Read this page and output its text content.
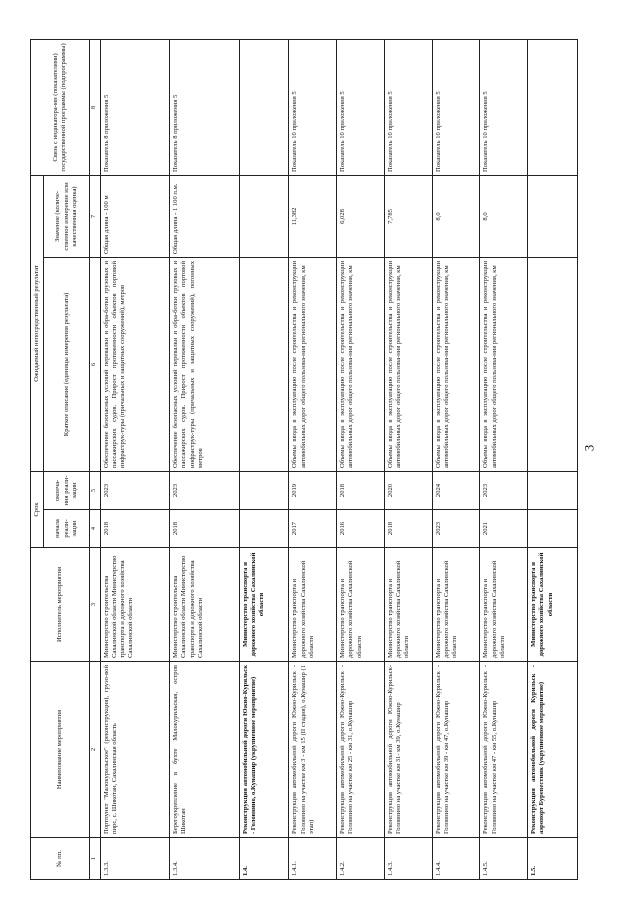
3
№ пп.	Наименование мероприятия	Исполнитель мероприятия	Срок		Ожидаемый непосредственный результат		Связь с индикатора-ми (показателями) государственной программы (подпрограммы)
			начала реали-зации	оконча-ния реали-зации	Краткое описание (единицы измерения результата)	Значение (количе-ственное измерение или качественная оценка)	
1	2	3	4	5	6	7	8
1.3.3.	Портпункт "Малокурильское" (реконструкция), грузо-вой пирс, с. Шикотан, Сахалинская область	Министерство строительства Сахалинской области Министерство транспорта и дорожного хозяйства Сахалинской области	2018	2023	Обеспечение безопасных условий перевалки и обра-ботки грузовых и пассажирских судов. Прирост протяженности объектов портовой инфраструк-туры (причальных и защитных сооружений), метров	Общая длина - 100 м	Показатель 8 приложения 5
1.3.4.	Берегоукрепление в бухте Малокурильская, остров Шикотан	Министерство строительства Сахалинской области Министерство транспорта и дорожного хозяйства Сахалинской области	2018	2023	Обеспечение безопасных условий перевалки и обра-ботки грузовых и пассажирских судов. Прирост протяженности объектов портовой инфраструк-туры (причальных и защитных сооружений), погонных метров	Общая длина - 1 100 п.м.	Показатель 8 приложения 5
1.4.	Реконструкция автомобильной дороги Южно-Курильск - Головнино, о.Кунашир (укрупненное мероприятие)	Министерство транспорта и дорожного хозяйства Сахалинской области					
1.4.1.	Реконструкция автомобильной дороги Южно-Курильск - Головнино на участке км 3 - км 15 (II стадия), о.Кунашир (1 этап)	Министерство транспорта и дорожного хозяйства Сахалинской области	2017	2019	Объемы ввода в эксплуатацию после строительства и реконструкции автомобильных дорог общего пользова-ния регионального значения, км	11,382	Показатель 10 приложения 5
1.4.2.	Реконструкция автомобильной дороги Южно-Курильск - Головнино на участке км 25 - км 31, о.Кунашир	Министерство транспорта и дорожного хозяйства Сахалинской области	2016	2018	Объемы ввода в эксплуатацию после строительства и реконструкции автомобильных дорог общего пользова-ния регионального значения, км	6,028	Показатель 10 приложения 5
1.4.3.	Реконструкция автомобильной дороги Южно-Курильск-Головнино на участке км 31- км 39, о.Кунашир	Министерство транспорта и дорожного хозяйства Сахалинской области	2018	2020	Объемы ввода в эксплуатацию после строительства и реконструкции автомобильных дорог общего пользова-ния регионального значения, км	7,785	Показатель 10 приложения 5
1.4.4.	Реконструкция автомобильной дороги Южно-Курильск - Головнино на участке км 39 - км 47, о.Кунашир	Министерство транспорта и дорожного хозяйства Сахалинской области	2023	2024	Объемы ввода в эксплуатацию после строительства и реконструкции автомобильных дорог общего пользова-ния регионального значения, км	8,0	Показатель 10 приложения 5
1.4.5.	Реконструкция автомобильной дороги Южно-Курильск - Головнино на участке км 47 - км 55, о.Кунашир	Министерство транспорта и дорожного хозяйства Сахалинской области	2021	2023	Объемы ввода в эксплуатацию после строительства и реконструкции автомобильных дорог общего пользова-ния регионального значения, км	8,0	Показатель 10 приложения 5
1.5.	Реконструкция автомобильной дороги Курильск - аэропорт Буревестник (укрупненное мероприятие)	Министерство транспорта и дорожного хозяйства Сахалинской области					
